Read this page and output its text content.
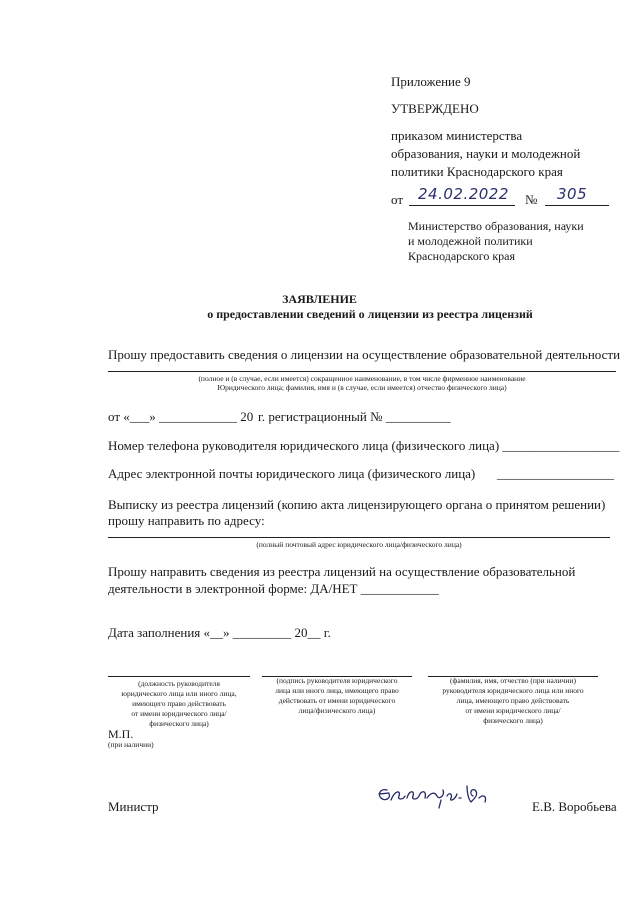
Приложение 9
УТВЕРЖДЕНО
приказом министерства
образования, науки и молодежной
политики Краснодарского края
от 24.02.2022 № 305
Министерство образования, науки
и молодежной политики
Краснодарского края
ЗАЯВЛЕНИЕ
о предоставлении сведений о лицензии из реестра лицензий
Прошу предоставить сведения о лицензии на осуществление образовательной деятельности
(полное и (в случае, если имеется) сокращенное наименование, в том числе фирменное наименование
Юридического лица; фамилия, имя и (в случае, если имеется) отчество физического лица)
от «___» ____________ 20 г. регистрационный № __________
Номер телефона руководителя юридического лица (физического лица) __________________
Адрес электронной почты юридического лица (физического лица) __________________
Выписку из реестра лицензий (копию акта лицензирующего органа о принятом решении)
прошу направить по адресу:
(полный почтовый адрес юридического лица/физического лица)
Прошу направить сведения из реестра лицензий на осуществление образовательной
деятельности в электронной форме: ДА/НЕТ ____________
Дата заполнения «__» _________ 20__ г.
(должность руководителя
юридического лица или иного лица,
имеющего право действовать
от имени юридического лица/
физического лица)
(подпись руководителя юридического
лица или иного лица, имеющего право
действовать от имени юридического
лица/физического лица)
(фамилия, имя, отчество (при наличии)
руководителя юридического лица или иного
лица, имеющего право действовать
от имени юридического лица/
физического лица)
М.П.
(при наличии)
Министр	Е.В. Воробьева
